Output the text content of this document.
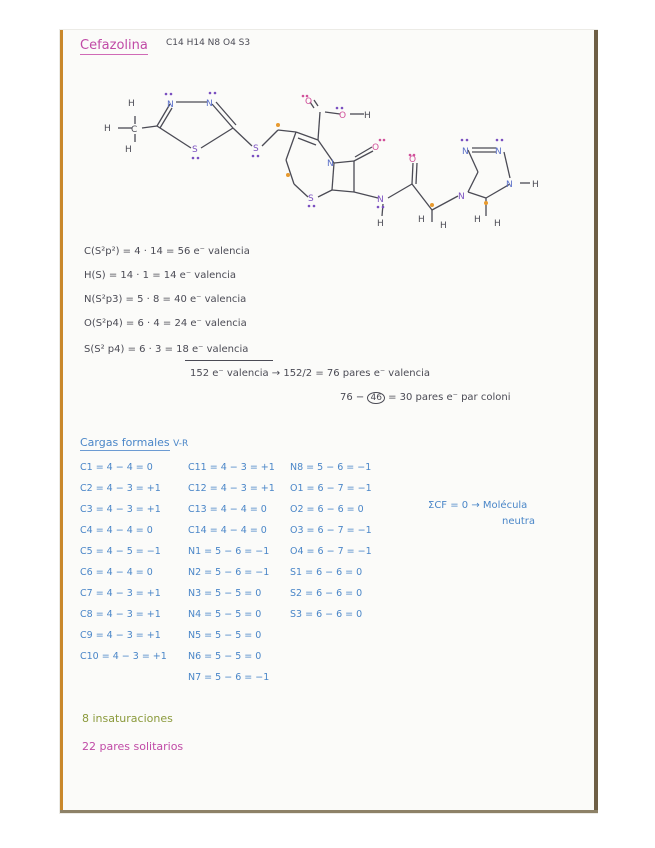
Cefazolina C14 H14 N8 O4 S3
H
H C
H
N	N
S	S
O
O H
N
O
S	N
H
O
N
N	N
N H
H
H
H H
C(S²p²) = 4 · 14 = 56 e⁻ valencia
H(S) = 14 · 1 = 14 e⁻ valencia
N(S²p3) = 5 · 8 = 40 e⁻ valencia
O(S²p4) = 6 · 4 = 24 e⁻ valencia
S(S² p4) = 6 · 3 = 18 e⁻ valencia
152 e⁻ valencia → 152/2 = 76 pares e⁻ valencia
76 − 46 = 30 pares e⁻ par coloni
Cargas formales V-R
C1 = 4 − 4 = 0
C2 = 4 − 3 = +1
C3 = 4 − 3 = +1
C4 = 4 − 4 = 0
C5 = 4 − 5 = −1
C6 = 4 − 4 = 0
C7 = 4 − 3 = +1
C8 = 4 − 3 = +1
C9 = 4 − 3 = +1
C10 = 4 − 3 = +1
C11 = 4 − 3 = +1
C12 = 4 − 3 = +1
C13 = 4 − 4 = 0
C14 = 4 − 4 = 0
N1 = 5 − 6 = −1
N2 = 5 − 6 = −1
N3 = 5 − 5 = 0
N4 = 5 − 5 = 0
N5 = 5 − 5 = 0
N6 = 5 − 5 = 0
N7 = 5 − 6 = −1
N8 = 5 − 6 = −1
O1 = 6 − 7 = −1
O2 = 6 − 6 = 0
O3 = 6 − 7 = −1
O4 = 6 − 7 = −1
S1 = 6 − 6 = 0
S2 = 6 − 6 = 0
S3 = 6 − 6 = 0
ΣCF = 0 → Molécula
neutra
8 insaturaciones
22 pares solitarios
